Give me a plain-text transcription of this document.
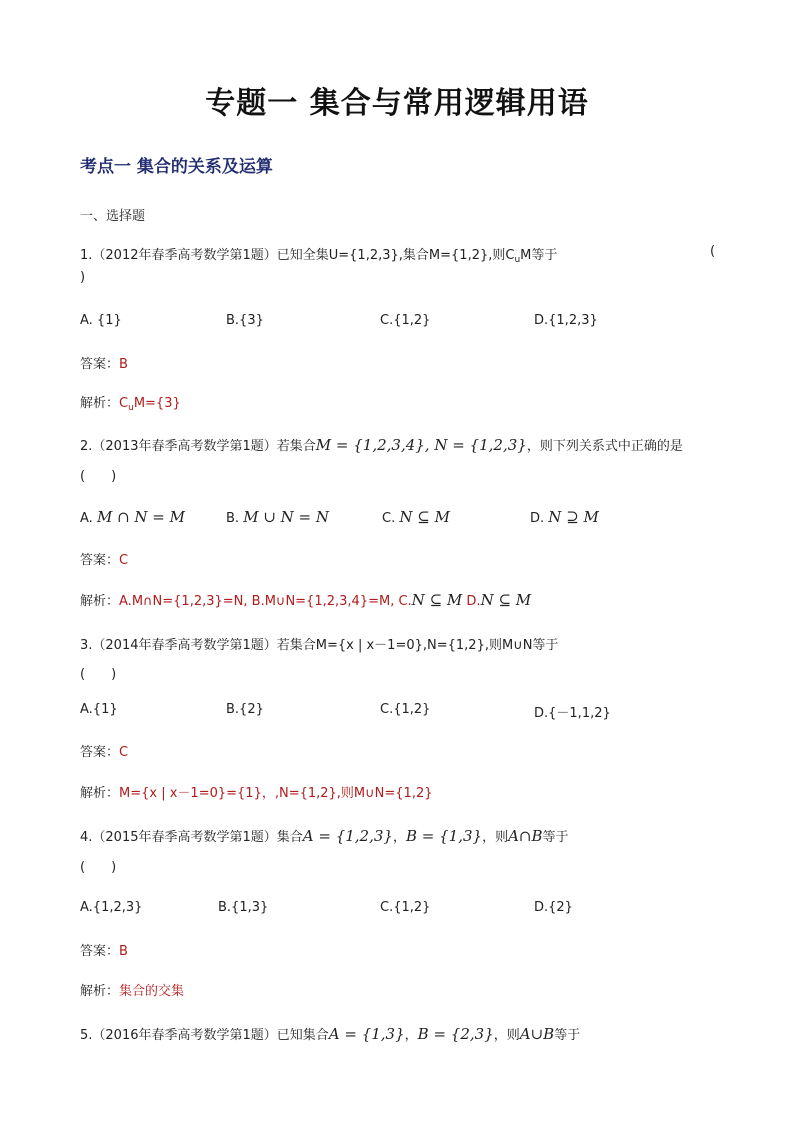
专题一 集合与常用逻辑用语
考点一 集合的关系及运算
一、选择题
1.（2012年春季高考数学第1题）已知全集U={1,2,3},集合M={1,2},则$C_uM$等于	(
)
A. {1}	B.{3}	C.{1,2}	D.{1,2,3}
答案：B
解析：$C_uM=\{3\}$
2.（2013年春季高考数学第1题）若集合M = {1,2,3,4}, N = {1,2,3}，则下列关系式中正确的是
(　　)
A. M ∩ N = M	B. M ∪ N = N	C. N ⊆ M	D. N ⊇ M
答案：C
解析：A.M∩N={1,2,3}=N, B.M∪N={1,2,3,4}=M, C.N ⊆ M D.N ⊆ M
3.（2014年春季高考数学第1题）若集合M={x | x－1=0},N={1,2},则M∪N等于
(　　)
A.{1}	B.{2}	C.{1,2}	D.{－1,1,2}
答案：C
解析：M={x | x－1=0}={1}，,N={1,2},则M∪N={1,2}
4.（2015年春季高考数学第1题）集合A = {1,2,3}，B = {1,3}，则A∩B等于
(　　)
A.{1,2,3}	B.{1,3}	C.{1,2}	D.{2}
答案：B
解析：集合的交集
5.（2016年春季高考数学第1题）已知集合A = {1,3}，B = {2,3}，则A∪B等于
